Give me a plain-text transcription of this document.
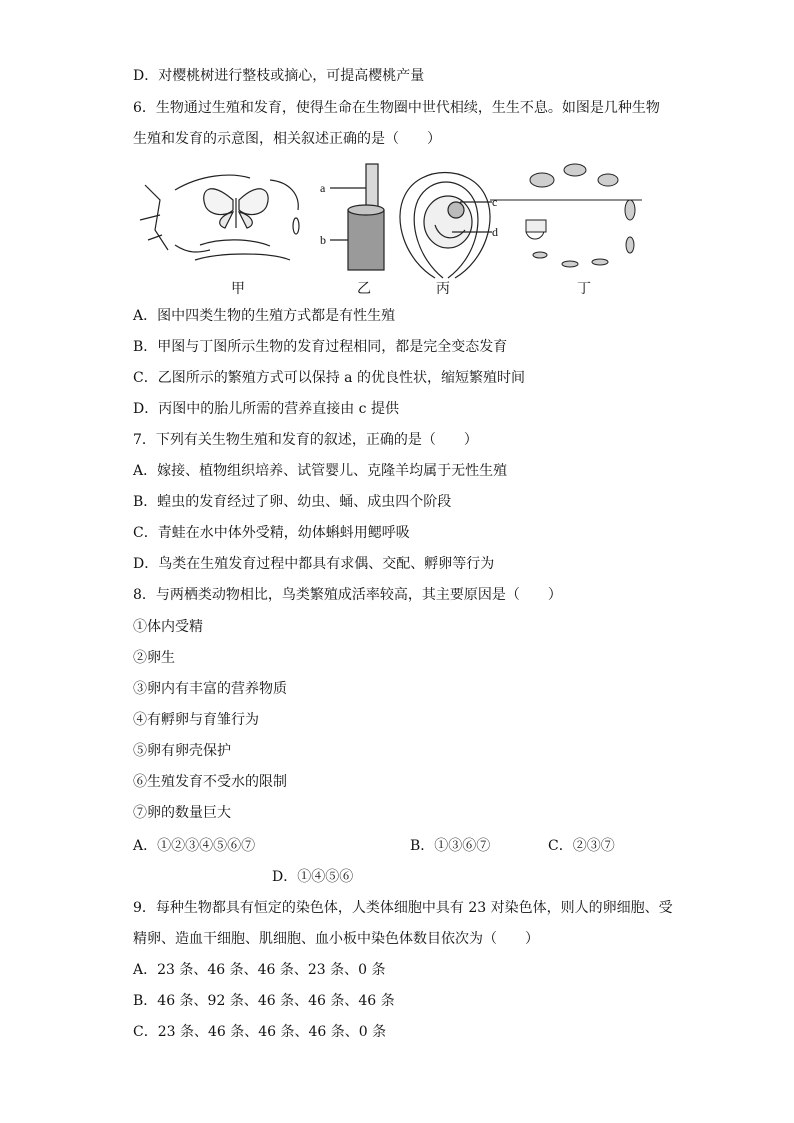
D．对樱桃树进行整枝或摘心，可提高樱桃产量
6．生物通过生殖和发育，使得生命在生物圈中世代相续，生生不息。如图是几种生物
生殖和发育的示意图，相关叙述正确的是（　　）
a
b
c
d
甲	乙	丙	丁
A．图中四类生物的生殖方式都是有性生殖
B．甲图与丁图所示生物的发育过程相同，都是完全变态发育
C．乙图所示的繁殖方式可以保持 a 的优良性状，缩短繁殖时间
D．丙图中的胎儿所需的营养直接由 c 提供
7．下列有关生物生殖和发育的叙述，正确的是（　　）
A．嫁接、植物组织培养、试管婴儿、克隆羊均属于无性生殖
B．蝗虫的发育经过了卵、幼虫、蛹、成虫四个阶段
C．青蛙在水中体外受精，幼体蝌蚪用鳃呼吸
D．鸟类在生殖发育过程中都具有求偶、交配、孵卵等行为
8．与两栖类动物相比，鸟类繁殖成活率较高，其主要原因是（　　）
①体内受精
②卵生
③卵内有丰富的营养物质
④有孵卵与育雏行为
⑤卵有卵壳保护
⑥生殖发育不受水的限制
⑦卵的数量巨大
A．①②③④⑤⑥⑦	B．①③⑥⑦	C．②③⑦
D．①④⑤⑥
9．每种生物都具有恒定的染色体，人类体细胞中具有 23 对染色体，则人的卵细胞、受
精卵、造血干细胞、肌细胞、血小板中染色体数目依次为（　　）
A．23 条、46 条、46 条、23 条、0 条
B．46 条、92 条、46 条、46 条、46 条
C．23 条、46 条、46 条、46 条、0 条
